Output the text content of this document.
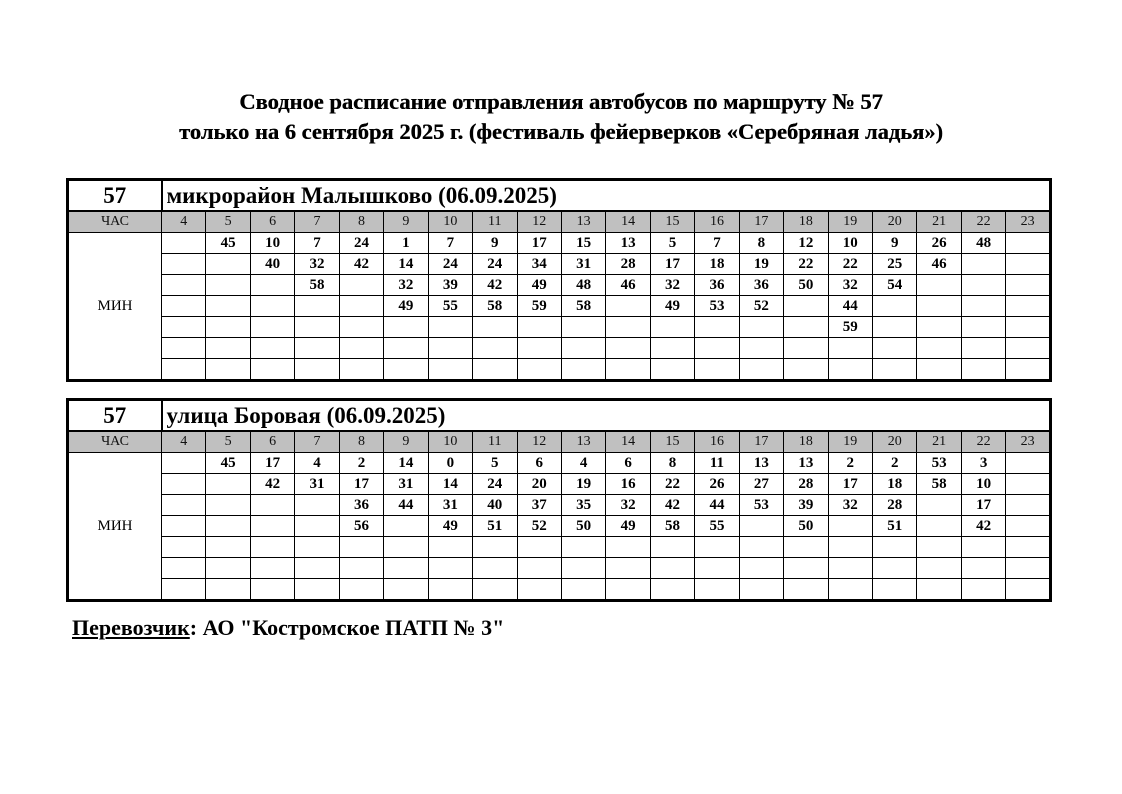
Сводное расписание отправления автобусов по маршруту № 57
только на 6 сентября 2025 г. (фестиваль фейерверков «Серебряная ладья»)
57	микрорайон Малышково (06.09.2025)																			
ЧАС	4	5	6	7	8	9	10	11	12	13	14	15	16	17	18	19	20	21	22	23
МИН		45	10	7	24	1	7	9	17	15	13	5	7	8	12	10	9	26	48	
			40	32	42	14	24	24	34	31	28	17	18	19	22	22	25	46		
				58		32	39	42	49	48	46	32	36	36	50	32	54			
						49	55	58	59	58		49	53	52		44				
																59				

57	улица Боровая (06.09.2025)																			
ЧАС	4	5	6	7	8	9	10	11	12	13	14	15	16	17	18	19	20	21	22	23
МИН		45	17	4	2	14	0	5	6	4	6	8	11	13	13	2	2	53	3	
			42	31	17	31	14	24	20	19	16	22	26	27	28	17	18	58	10	
					36	44	31	40	37	35	32	42	44	53	39	32	28		17	
					56		49	51	52	50	49	58	55		50		51		42	

Перевозчик: АО "Костромское ПАТП № 3"
